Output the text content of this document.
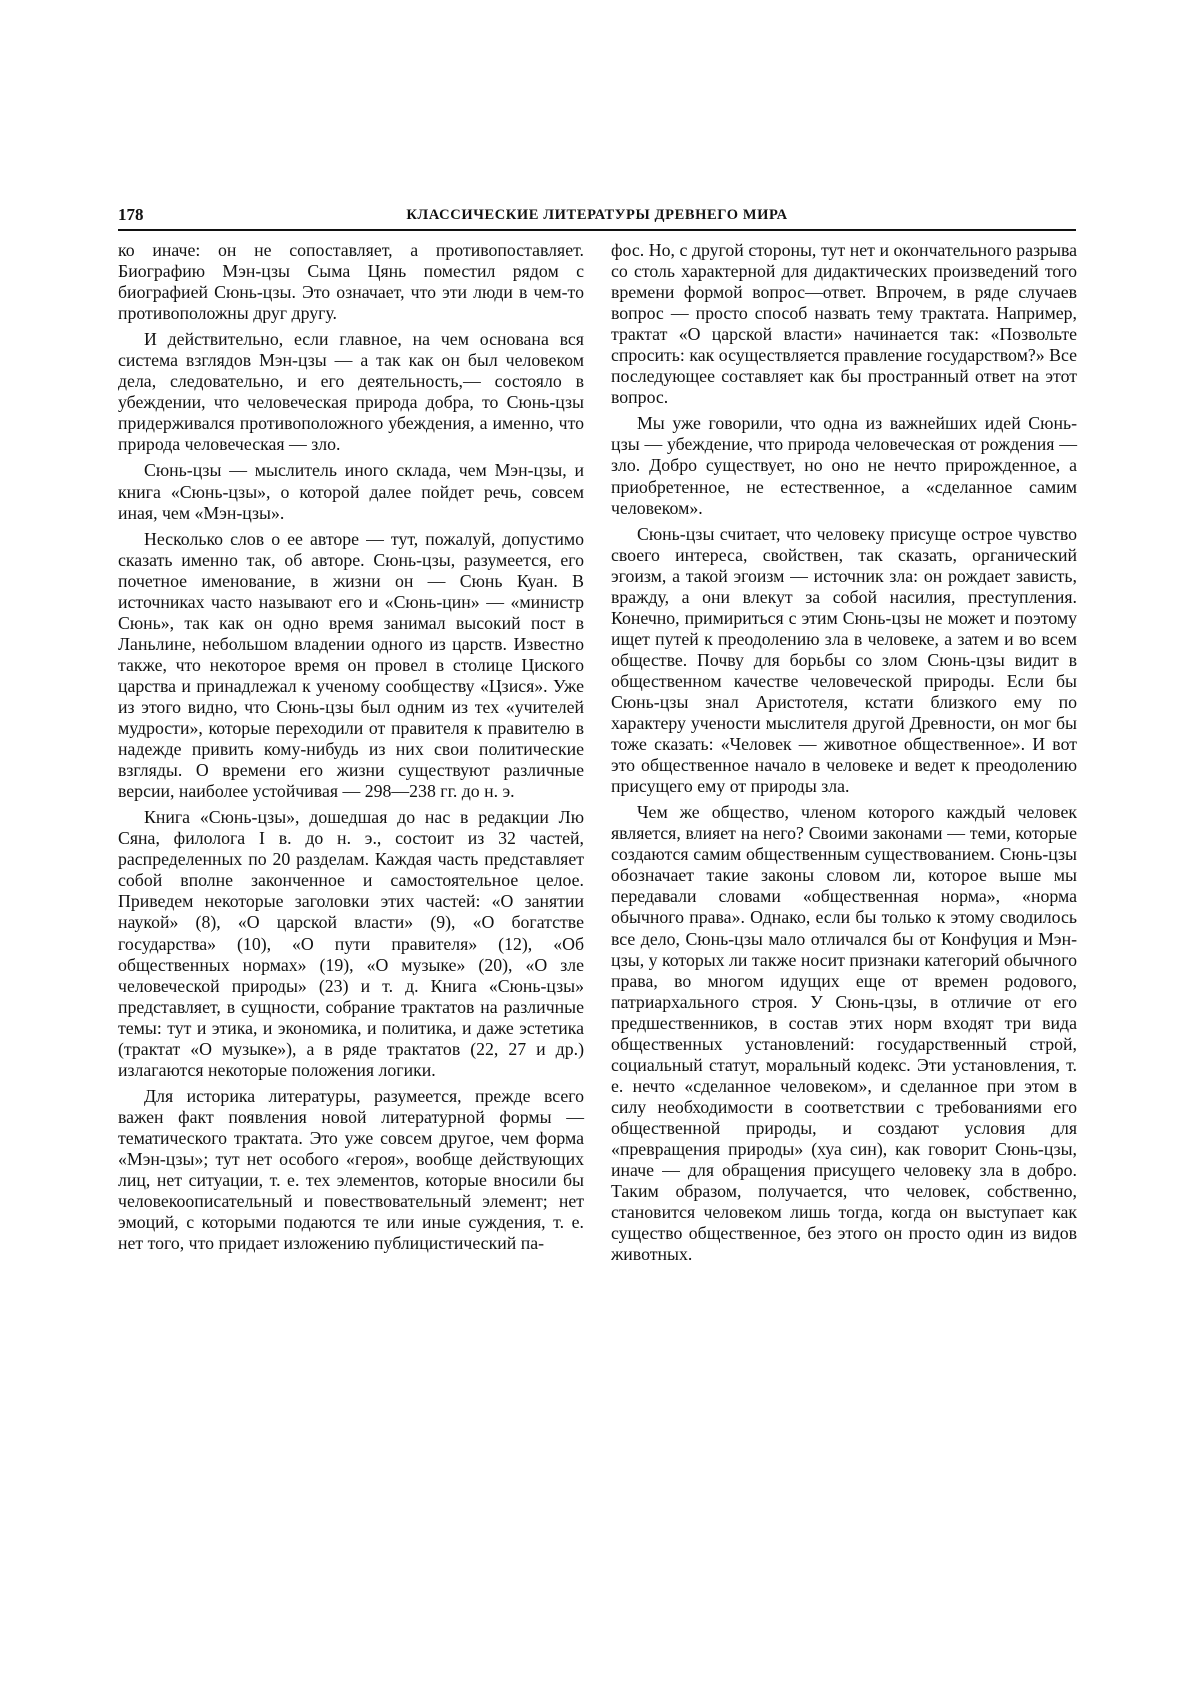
178	КЛАССИЧЕСКИЕ ЛИТЕРАТУРЫ ДРЕВНЕГО МИРА

ко иначе: он не сопоставляет, а противопоставляет. Биографию Мэн-цзы Сыма Цянь поместил рядом с биографией Сюнь-цзы. Это означает, что эти люди в чем-то противоположны друг другу.

И действительно, если главное, на чем основана вся система взглядов Мэн-цзы — а так как он был человеком дела, следовательно, и его деятельность,— состояло в убеждении, что человеческая природа добра, то Сюнь-цзы придерживался противоположного убеждения, а именно, что природа человеческая — зло.

Сюнь-цзы — мыслитель иного склада, чем Мэн-цзы, и книга «Сюнь-цзы», о которой далее пойдет речь, совсем иная, чем «Мэн-цзы».

Несколько слов о ее авторе — тут, пожалуй, допустимо сказать именно так, об авторе. Сюнь-цзы, разумеется, его почетное именование, в жизни он — Сюнь Куан. В источниках часто называют его и «Сюнь-цин» — «министр Сюнь», так как он одно время занимал высокий пост в Ланьлине, небольшом владении одного из царств. Известно также, что некоторое время он провел в столице Циского царства и принадлежал к ученому сообществу «Цзися». Уже из этого видно, что Сюнь-цзы был одним из тех «учителей мудрости», которые переходили от правителя к правителю в надежде привить кому-нибудь из них свои политические взгляды. О времени его жизни существуют различные версии, наиболее устойчивая — 298—238 гг. до н. э.

Книга «Сюнь-цзы», дошедшая до нас в редакции Лю Сяна, филолога I в. до н. э., состоит из 32 частей, распределенных по 20 разделам. Каждая часть представляет собой вполне законченное и самостоятельное целое. Приведем некоторые заголовки этих частей: «О занятии наукой» (8), «О царской власти» (9), «О богатстве государства» (10), «О пути правителя» (12), «Об общественных нормах» (19), «О музыке» (20), «О зле человеческой природы» (23) и т. д. Книга «Сюнь-цзы» представляет, в сущности, собрание трактатов на различные темы: тут и этика, и экономика, и политика, и даже эстетика (трактат «О музыке»), а в ряде трактатов (22, 27 и др.) излагаются некоторые положения логики.

Для историка литературы, разумеется, прежде всего важен факт появления новой литературной формы — тематического трактата. Это уже совсем другое, чем форма «Мэн-цзы»; тут нет особого «героя», вообще действующих лиц, нет ситуации, т. е. тех элементов, которые вносили бы человекоописательный и повествовательный элемент; нет эмоций, с которыми подаются те или иные суждения, т. е. нет того, что придает изложению публицистический па-

фос. Но, с другой стороны, тут нет и окончательного разрыва со столь характерной для дидактических произведений того времени формой вопрос—ответ. Впрочем, в ряде случаев вопрос — просто способ назвать тему трактата. Например, трактат «О царской власти» начинается так: «Позвольте спросить: как осуществляется правление государством?» Все последующее составляет как бы пространный ответ на этот вопрос.

Мы уже говорили, что одна из важнейших идей Сюнь-цзы — убеждение, что природа человеческая от рождения — зло. Добро существует, но оно не нечто прирожденное, а приобретенное, не естественное, а «сделанное самим человеком».

Сюнь-цзы считает, что человеку присуще острое чувство своего интереса, свойствен, так сказать, органический эгоизм, а такой эгоизм — источник зла: он рождает зависть, вражду, а они влекут за собой насилия, преступления. Конечно, примириться с этим Сюнь-цзы не может и поэтому ищет путей к преодолению зла в человеке, а затем и во всем обществе. Почву для борьбы со злом Сюнь-цзы видит в общественном качестве человеческой природы. Если бы Сюнь-цзы знал Аристотеля, кстати близкого ему по характеру учености мыслителя другой Древности, он мог бы тоже сказать: «Человек — животное общественное». И вот это общественное начало в человеке и ведет к преодолению присущего ему от природы зла.

Чем же общество, членом которого каждый человек является, влияет на него? Своими законами — теми, которые создаются самим общественным существованием. Сюнь-цзы обозначает такие законы словом ли, которое выше мы передавали словами «общественная норма», «норма обычного права». Однако, если бы только к этому сводилось все дело, Сюнь-цзы мало отличался бы от Конфуция и Мэн-цзы, у которых ли также носит признаки категорий обычного права, во многом идущих еще от времен родового, патриархального строя. У Сюнь-цзы, в отличие от его предшественников, в состав этих норм входят три вида общественных установлений: государственный строй, социальный статут, моральный кодекс. Эти установления, т. е. нечто «сделанное человеком», и сделанное при этом в силу необходимости в соответствии с требованиями его общественной природы, и создают условия для «превращения природы» (хуа син), как говорит Сюнь-цзы, иначе — для обращения присущего человеку зла в добро. Таким образом, получается, что человек, собственно, становится человеком лишь тогда, когда он выступает как существо общественное, без этого он просто один из видов животных.
